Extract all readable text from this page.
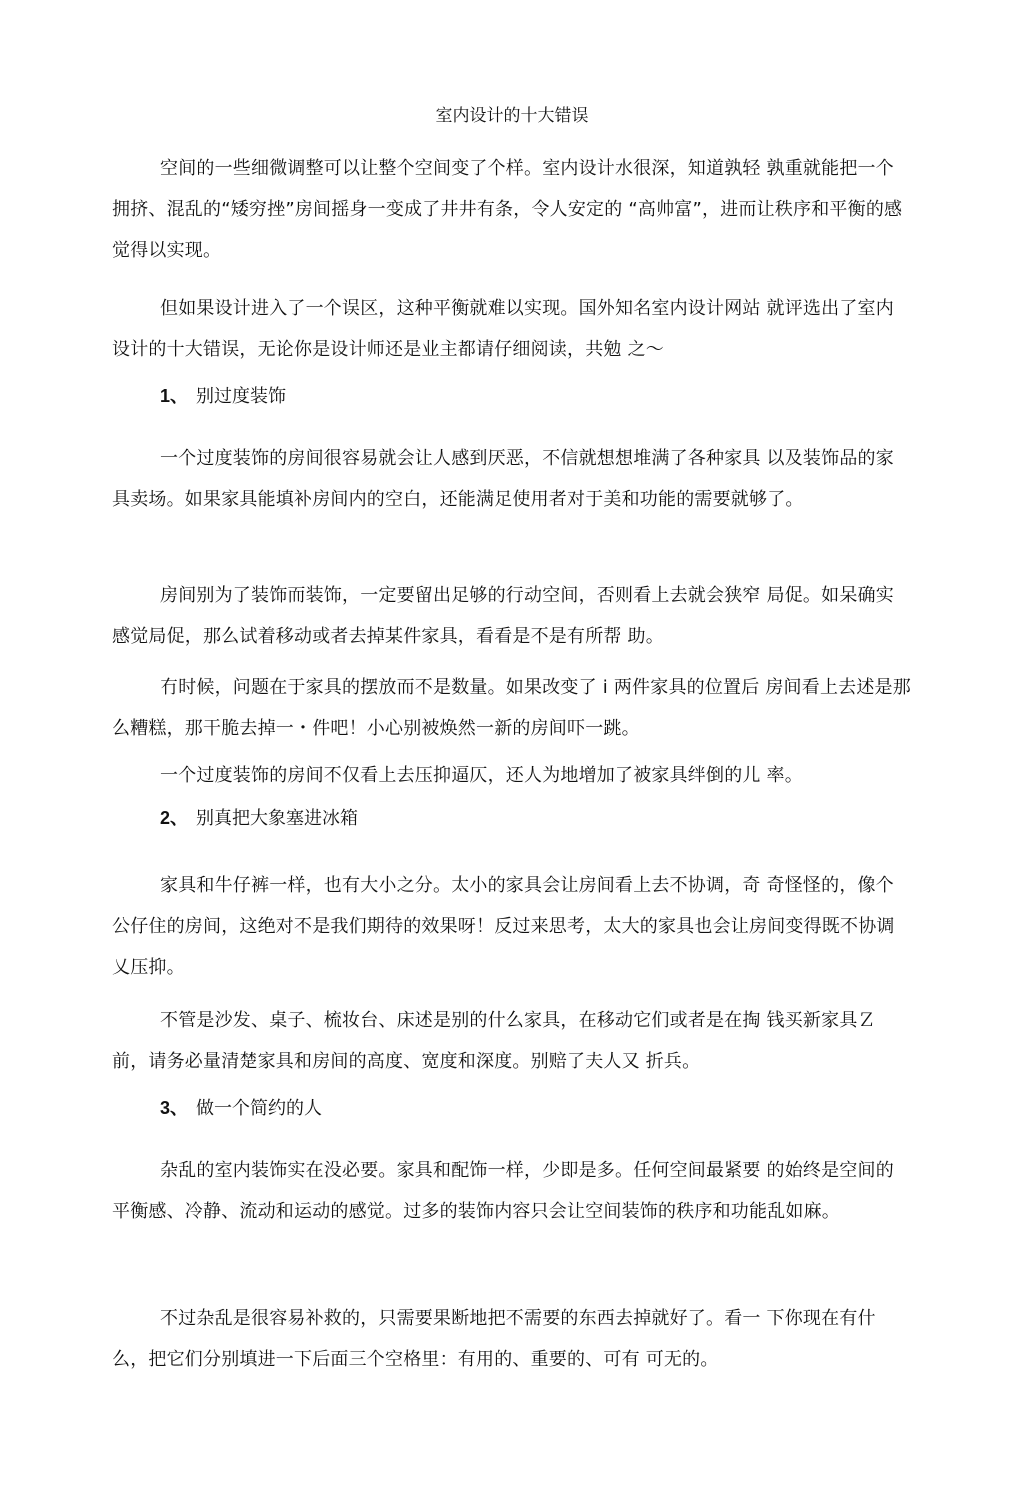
室内设计的十大错误

空间的一些细微调整可以让整个空间变了个样。室内设计水很深，知道孰轻 孰重就能把一个拥挤、混乱的“矮穷挫”房间摇身一变成了井井有条，令人安定的 “高帅富”，进而让秩序和平衡的感觉得以实现。

但如果设计进入了一个误区，这种平衡就难以实现。国外知名室内设计网站 就评选出了室内设计的十大错误，无论你是设计师还是业主都请仔细阅读，共勉 之〜

1、 别过度装饰

一个过度装饰的房间很容易就会让人感到厌恶，不信就想想堆满了各种家具 以及装饰品的家具卖场。如果家具能填补房间内的空白，还能满足使用者对于美和功能的需要就够了。

房间别为了装饰而装饰，一定要留出足够的行动空间，否则看上去就会狭窄 局促。如呆确实感觉局促，那么试着移动或者去掉某件家具，看看是不是有所帮 助。

冇时候，问题在于家具的摆放而不是数量。如果改变了 i 两件家具的位置后 房间看上去述是那么糟糕，那干脆去掉一・件吧！小心别被焕然一新的房间吓一跳。

一个过度装饰的房间不仅看上去压抑逼仄，还人为地增加了被家具绊倒的儿 率。

2、 别真把大象塞进冰箱

家具和牛仔裤一样，也有大小之分。太小的家具会让房间看上去不协调，奇 奇怪怪的，像个公仔住的房间，这绝对不是我们期待的效果呀！反过来思考，太大的家具也会让房间变得既不协调乂压抑。

不管是沙发、桌子、梳妆台、床述是别的什么家具，在移动它们或者是在掏 钱买新家具Ｚ前，请务必量清楚家具和房间的高度、宽度和深度。别赔了夫人又 折兵。

3、 做一个简约的人

杂乱的室内装饰实在没必要。家具和配饰一样，少即是多。任何空间最紧要 的始终是空间的平衡感、冷静、流动和运动的感觉。过多的装饰内容只会让空间装饰的秩序和功能乱如麻。

不过杂乱是很容易补救的，只需要果断地把不需要的东西去掉就好了。看一 下你现在有什么，把它们分别填进一下后面三个空格里：有用的、重要的、可有 可无的。
